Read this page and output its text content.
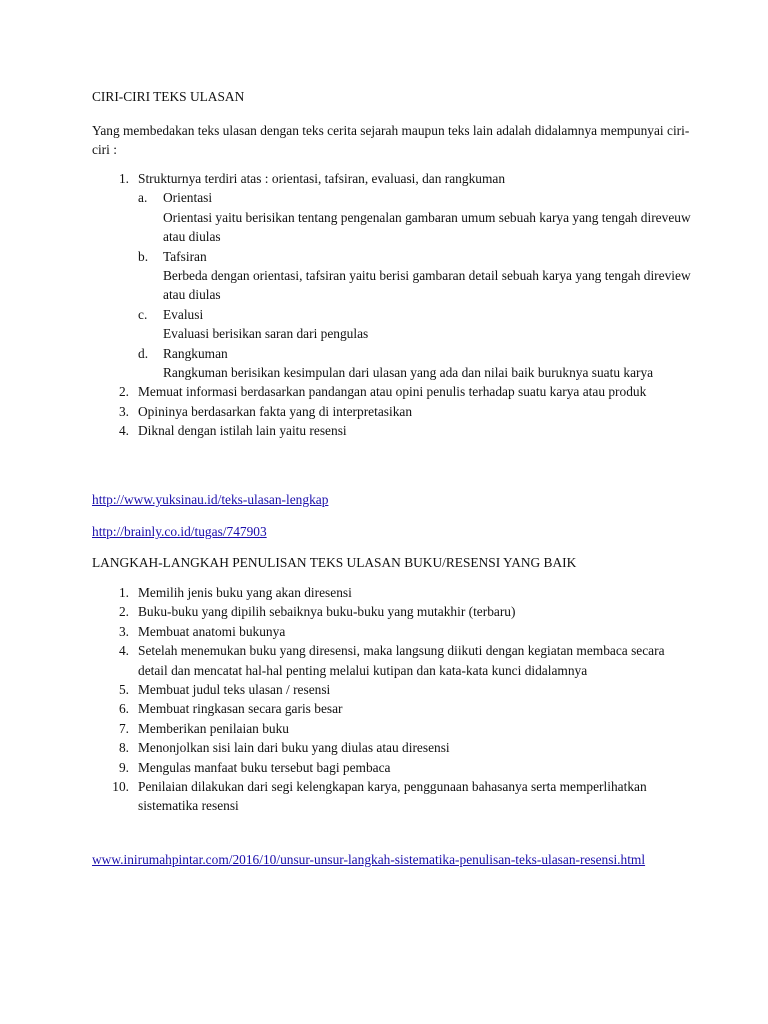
CIRI-CIRI TEKS ULASAN

Yang membedakan teks ulasan dengan teks cerita sejarah maupun teks lain adalah didalamnya mempunyai ciri-ciri :

1. Strukturnya terdiri atas : orientasi, tafsiran, evaluasi, dan rangkuman
a. Orientasi
Orientasi yaitu berisikan tentang pengenalan gambaran umum sebuah karya yang tengah direveuw atau diulas
b. Tafsiran
Berbeda dengan orientasi, tafsiran yaitu berisi gambaran detail sebuah karya yang tengah direview atau diulas
c. Evalusi
Evaluasi berisikan saran dari pengulas
d. Rangkuman
Rangkuman berisikan kesimpulan dari ulasan yang ada dan nilai baik buruknya suatu karya
2. Memuat informasi berdasarkan pandangan atau opini penulis terhadap suatu karya atau produk
3. Opininya berdasarkan fakta yang di interpretasikan
4. Diknal dengan istilah lain yaitu resensi
http://www.yuksinau.id/teks-ulasan-lengkap
http://brainly.co.id/tugas/747903
LANGKAH-LANGKAH PENULISAN TEKS ULASAN BUKU/RESENSI YANG BAIK
1. Memilih jenis buku yang akan diresensi
2. Buku-buku yang dipilih sebaiknya buku-buku yang mutakhir (terbaru)
3. Membuat anatomi bukunya
4. Setelah menemukan buku yang diresensi, maka langsung diikuti dengan kegiatan membaca secara detail dan mencatat hal-hal penting melalui kutipan dan kata-kata kunci didalamnya
5. Membuat judul teks ulasan / resensi
6. Membuat ringkasan secara garis besar
7. Memberikan penilaian buku
8. Menonjolkan sisi lain dari buku yang diulas atau diresensi
9. Mengulas manfaat buku tersebut bagi pembaca
10. Penilaian dilakukan dari segi kelengkapan karya, penggunaan bahasanya serta memperlihatkan sistematika resensi
www.inirumahpintar.com/2016/10/unsur-unsur-langkah-sistematika-penulisan-teks-ulasan-resensi.html
